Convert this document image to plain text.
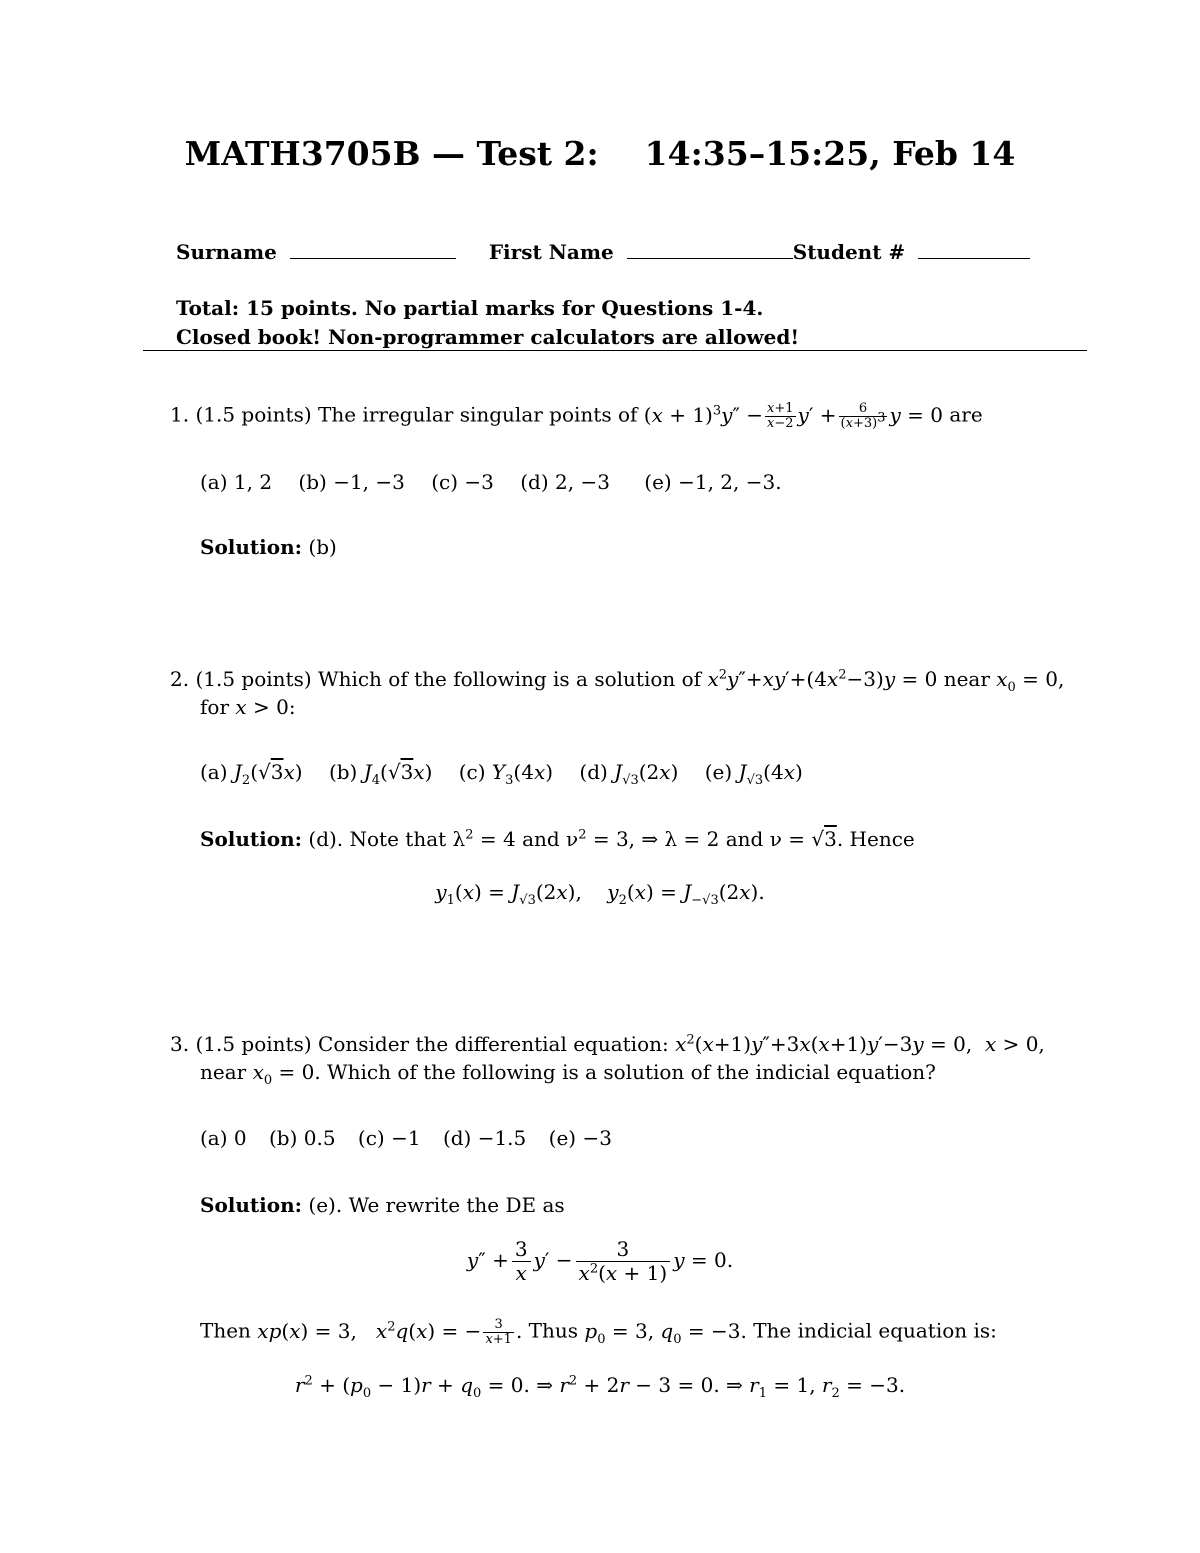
MATH3705B — Test 2: 14:35–15:25, Feb 14
Surname	First Name	Student #
Total: 15 points. No partial marks for Questions 1-4.
Closed book! Non-programmer calculators are allowed!
1. (1.5 points) The irregular singular points of $(x + 1)^3y'' - \frac{x+1}{x-2} y' + \frac{6}{(x+3)^3}$ y = 0 are
(a) 1, 2 (b) −1, −3 (c) −3 (d) 2, −3 (e) −1, 2, −3.
Solution: (b)
2. (1.5 points) Which of the following is a solution of $x^2y''+xy'+(4x^2-3)y = 0$ near $x_0 = 0$,
for x > 0:
(a) $J_2(√3x)$ (b) $J_4(√3x)$ (c) $Y_3(4x)$ (d) $J_{√3}(2x)$ (e) $J_{√3}(4x)$
Solution: (d). Note that $\lambda^2 = 4$ and $\nu^2 = 3$, ⇒ λ = 2 and ν = √3. Hence
$y_1(x) = J_{√3}(2x)$,    $y_2(x) = J_{-√3}(2x)$.
3. (1.5 points) Consider the differential equation: $x^2(x+1)y''+3x(x+1)y'-3y = 0$,  x > 0,
near $x_0 = 0$. Which of the following is a solution of the indicial equation?
(a) 0 (b) 0.5 (c) −1 (d) −1.5 (e) −3
Solution: (e). We rewrite the DE as
$y'' + \frac{3}{x} y' - \frac{3}{x^2(x + 1)}$ y = 0.
Then xp(x) = 3,   $x^2q(x)$ = − $\frac{3}{x+1}$ . Thus $p_0 = 3$, $q_0 = -3$. The indicial equation is:
$r^2 + (p_0 - 1)r + q_0 = 0$. ⇒ $r^2 + 2r - 3 = 0$. ⇒ $r_1 = 1$, $r_2 = -3$.
